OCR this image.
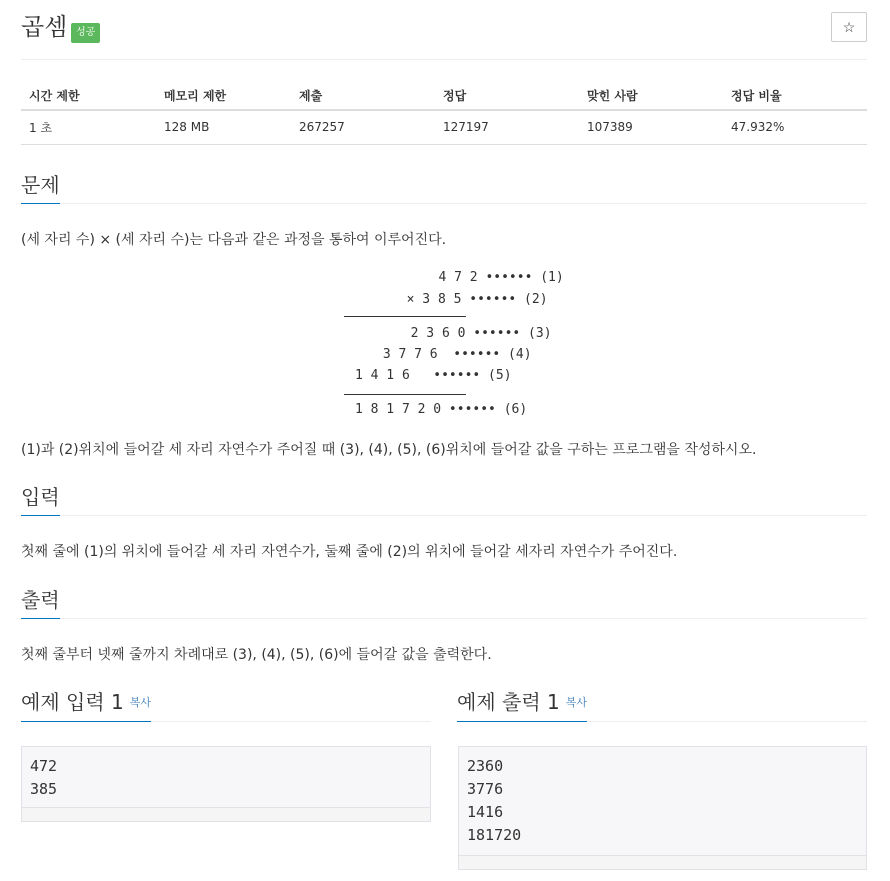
곱셈 성공	☆
시간 제한	메모리 제한	제출	정답	맞힌 사람	정답 비율
1 초	128 MB	267257	127197	107389	47.932%
문제
(세 자리 수) × (세 자리 수)는 다음과 같은 과정을 통하여 이루어진다.
4 7 2 •••••• (1)
× 3 8 5 •••••• (2)
2 3 6 0 •••••• (3)
3 7 7 6  •••••• (4)
1 4 1 6   •••••• (5)
1 8 1 7 2 0 •••••• (6)
(1)과 (2)위치에 들어갈 세 자리 자연수가 주어질 때 (3), (4), (5), (6)위치에 들어갈 값을 구하는 프로그램을 작성하시오.
입력
첫째 줄에 (1)의 위치에 들어갈 세 자리 자연수가, 둘째 줄에 (2)의 위치에 들어갈 세자리 자연수가 주어진다.
출력
첫째 줄부터 넷째 줄까지 차례대로 (3), (4), (5), (6)에 들어갈 값을 출력한다.
예제 입력 1 복사	예제 출력 1 복사
472
385
2360
3776
1416
181720
